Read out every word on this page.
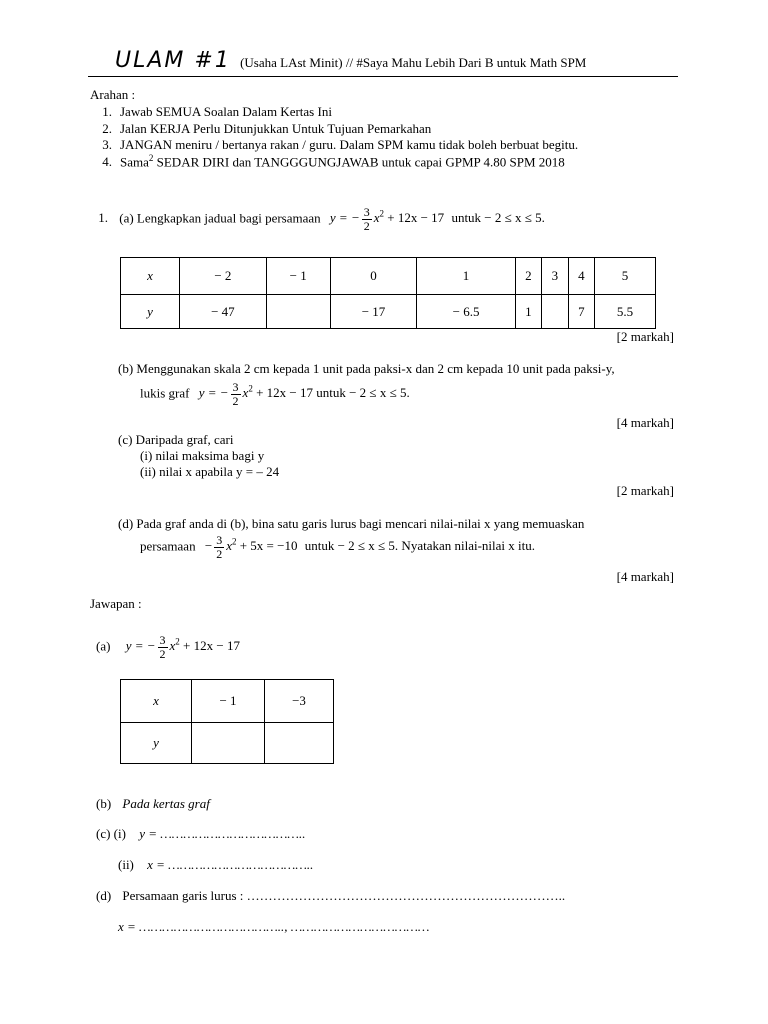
ULAM #1 (Usaha LAst Minit) // #Saya Mahu Lebih Dari B untuk Math SPM
Arahan :
1. Jawab SEMUA Soalan Dalam Kertas Ini
2. Jalan KERJA Perlu Ditunjukkan Untuk Tujuan Pemarkahan
3. JANGAN meniru / bertanya rakan / guru. Dalam SPM kamu tidak boleh berbuat begitu.
4. Sama$^2$ SEDAR DIRI dan TANGGGUNGJAWAB untuk capai GPMP 4.80 SPM 2018
1. (a) Lengkapkan jadual bagi persamaan y = − $\frac{3}{2} x^2 + 12x - 17$ untuk − 2 ≤ x ≤ 5.
x	− 2	− 1	0	1	2	3	4	5
y	− 47		− 17	− 6.5	1		7	5.5
[2 markah]
(b) Menggunakan skala 2 cm kepada 1 unit pada paksi-x dan 2 cm kepada 10 unit pada paksi-y,
lukis graf y = − $\frac{3}{2} x^2 + 12x - 17$ untuk − 2 ≤ x ≤ 5.
[4 markah]
(c) Daripada graf, cari
(i) nilai maksima bagi y
(ii) nilai x apabila y = – 24
[2 markah]
(d) Pada graf anda di (b), bina satu garis lurus bagi mencari nilai-nilai x yang memuaskan
persamaan − $\frac{3}{2} x^2 + 5x = -10$ untuk − 2 ≤ x ≤ 5. Nyatakan nilai-nilai x itu.
[4 markah]
Jawapan :
(a) y = − $\frac{3}{2} x^2 + 12x - 17$
x	− 1	−3
y		
(b) Pada kertas graf
(c) (i) y = ………………………………..
(ii) x = ………………………………..
(d) Persamaan garis lurus : ………………………………………………………………..
x = ……………………………….., ………………………………
